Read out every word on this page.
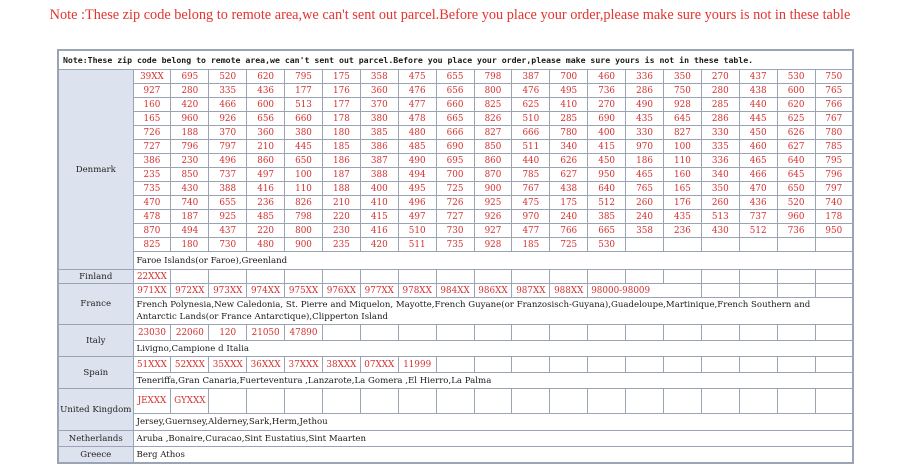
Note :These zip code belong to remote area,we can't sent out parcel.Before you place your order,please make sure yours is not in these table
Note:These zip code belong to remote area,we can't sent out parcel.Before you place your order,please make sure yours is not in these table.																			
Denmark	39XX	695	520	620	795	175	358	475	655	798	387	700	460	336	350	270	437	530	750
	927	280	335	436	177	176	360	476	656	800	476	495	736	286	750	280	438	600	765
	160	420	466	600	513	177	370	477	660	825	625	410	270	490	928	285	440	620	766
	165	960	926	656	660	178	380	478	665	826	510	285	690	435	645	286	445	625	767
	726	188	370	360	380	180	385	480	666	827	666	780	400	330	827	330	450	626	780
	727	796	797	210	445	185	386	485	690	850	511	340	415	970	100	335	460	627	785
	386	230	496	860	650	186	387	490	695	860	440	626	450	186	110	336	465	640	795
	235	850	737	497	100	187	388	494	700	870	785	627	950	465	160	340	466	645	796
	735	430	388	416	110	188	400	495	725	900	767	438	640	765	165	350	470	650	797
	470	740	655	236	826	210	410	496	726	925	475	175	512	260	176	260	436	520	740
	478	187	925	485	798	220	415	497	727	926	970	240	385	240	435	513	737	960	178
	870	494	437	220	800	230	416	510	730	927	477	766	665	358	236	430	512	736	950
	825	180	730	480	900	235	420	511	735	928	185	725	530						
	Faroe Islands(or Faroe),Greenland																		
Finland	22XXX																		
France	971XX	972XX	973XX	974XX	975XX	976XX	977XX	978XX	984XX	986XX	987XX	988XX	98000-98009						
	French Polynesia,New Caledonia, St. Pierre and Miquelon, Mayotte,French Guyane(or Franzosisch-Guyana),Guadeloupe,Martinique,French Southern and Antarctic Lands(or France Antarctique),Clipperton Island																		
Italy	23030	22060	120	21050	47890														
	Livigno,Campione d Italia																		
Spain	51XXX	52XXX	35XXX	36XXX	37XXX	38XXX	07XXX	11999											
	Teneriffa,Gran Canaria,Fuerteventura ,Lanzarote,La Gomera ,El Hierro,La Palma																		
United Kingdom	JEXXX	GYXXX																	
	Jersey,Guernsey,Alderney,Sark,Herm,Jethou																		
Netherlands	Aruba ,Bonaire,Curacao,Sint Eustatius,Sint Maarten																		
Greece	Berg Athos																		
